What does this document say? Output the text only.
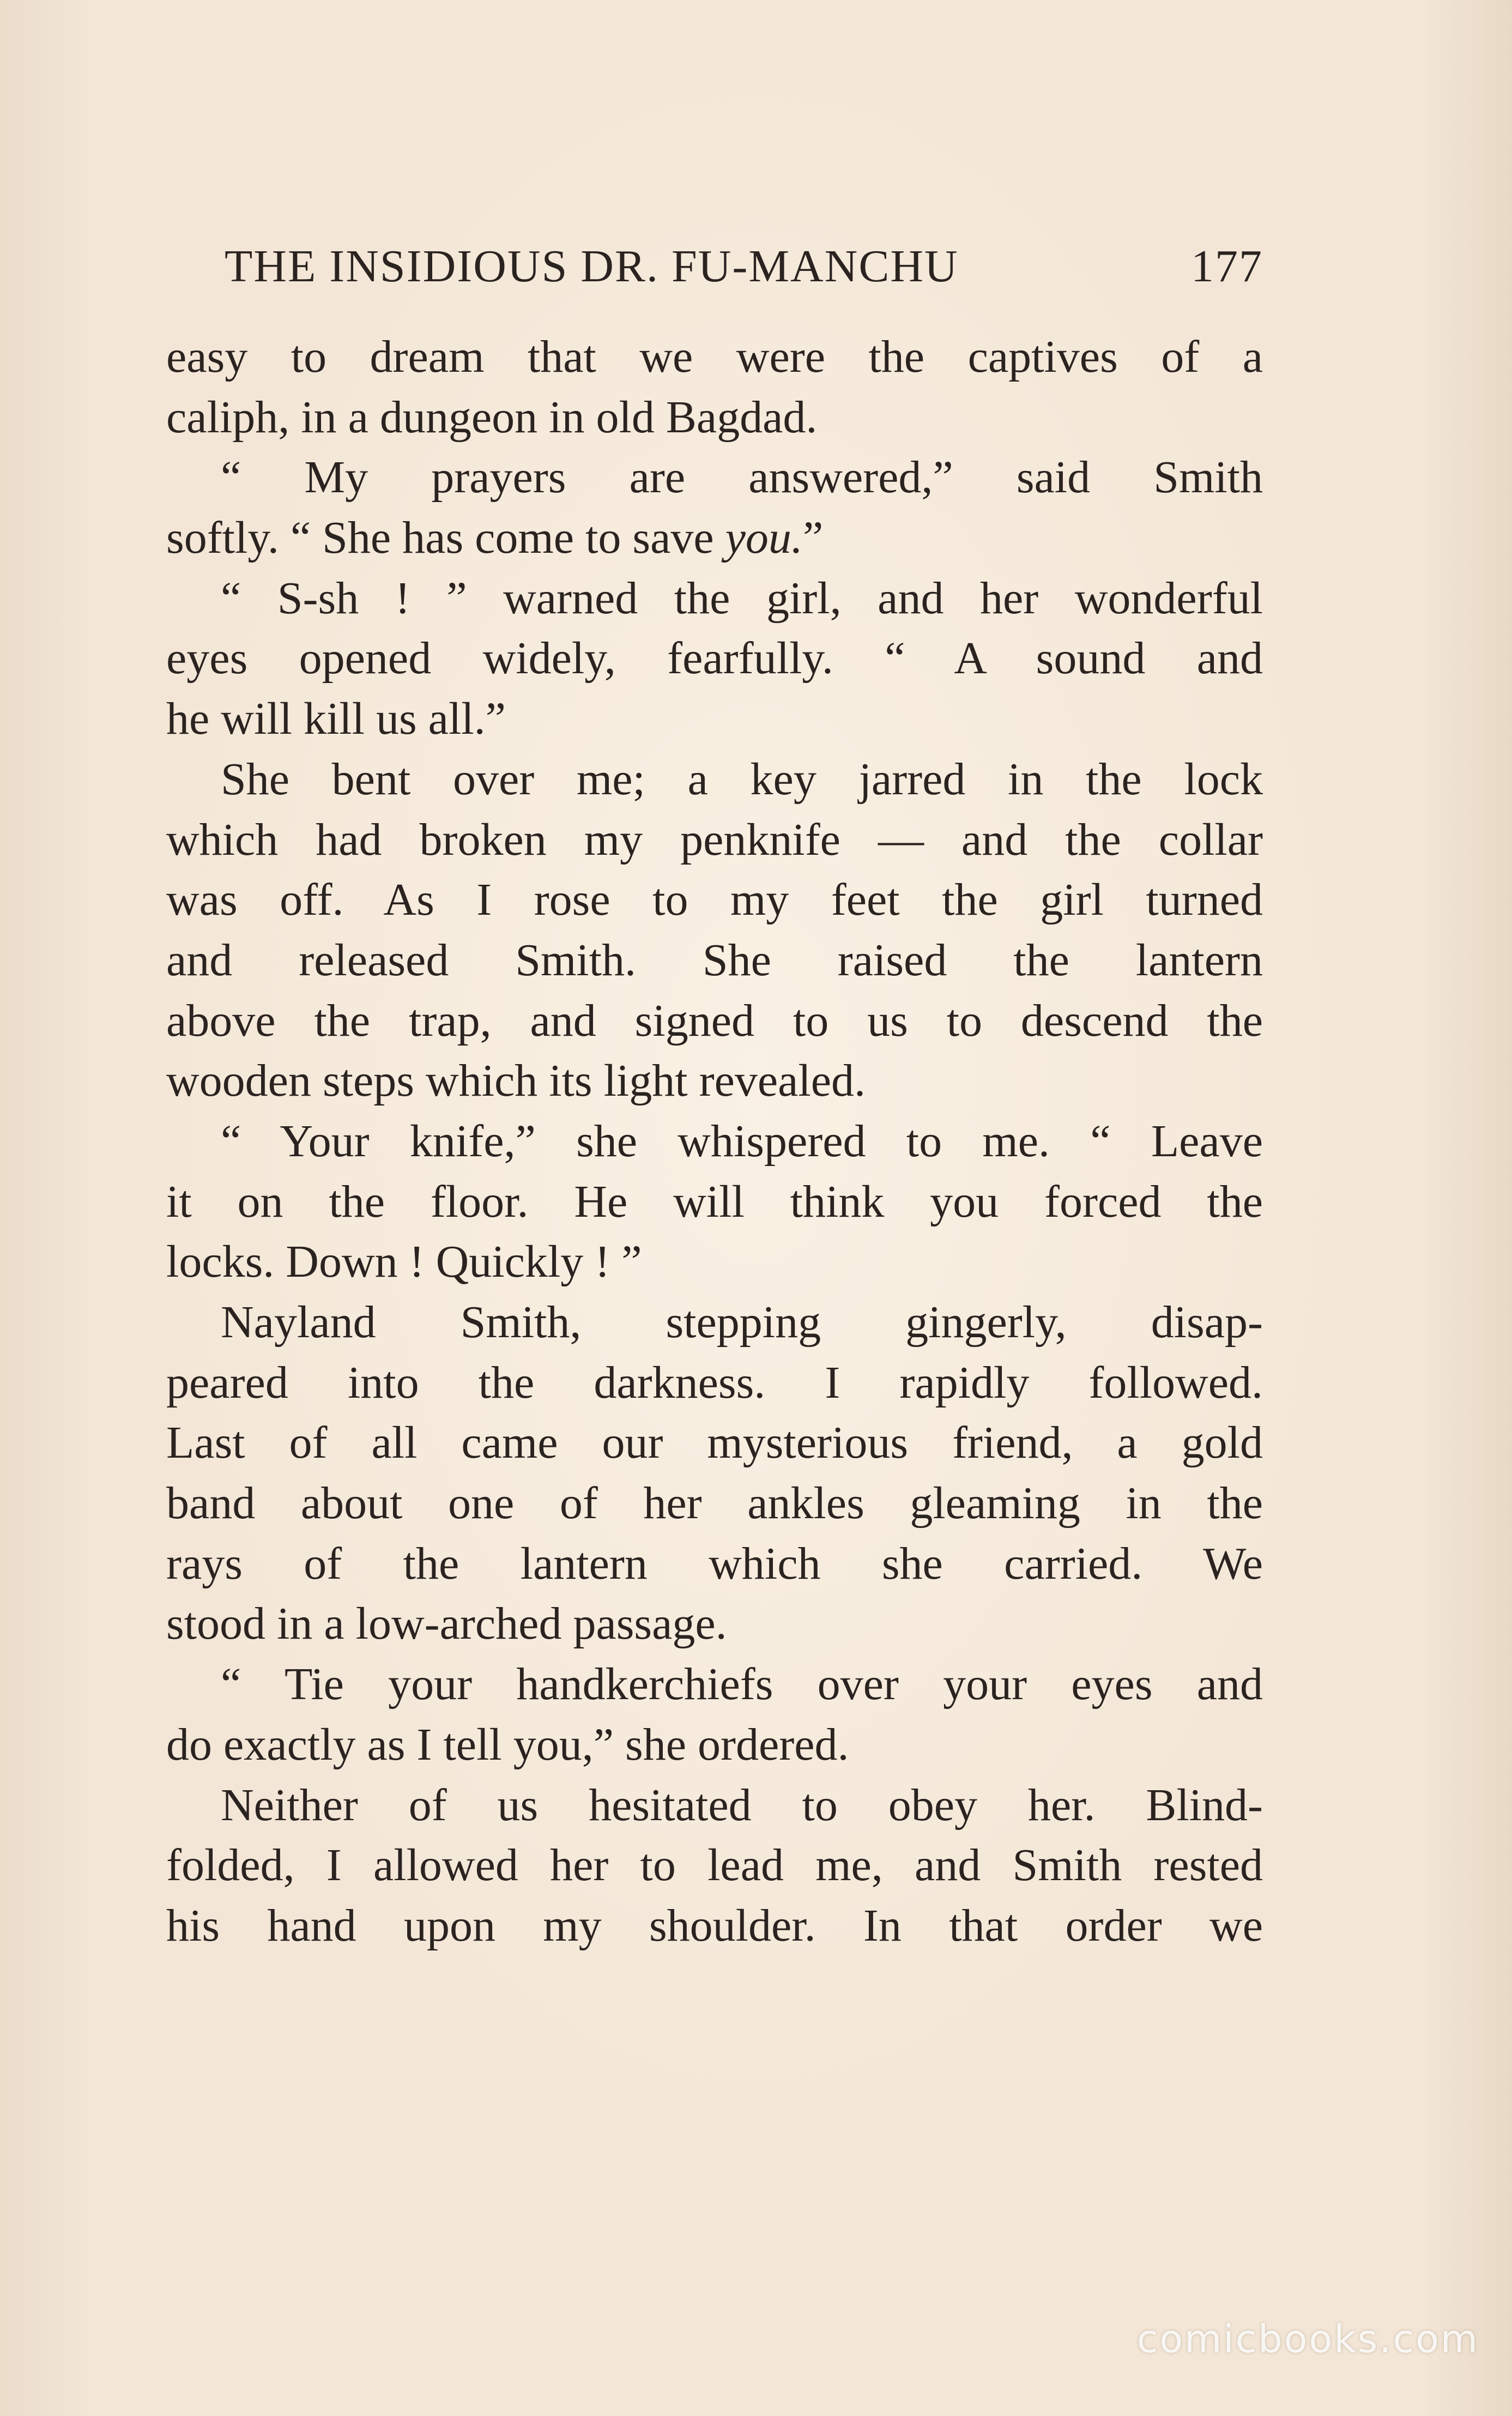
THE INSIDIOUS DR. FU-MANCHU	177
easy to dream that we were the captives of a
caliph, in a dungeon in old Bagdad.
“ My prayers are answered,” said Smith
softly. “ She has come to save you.”
“ S-sh ! ” warned the girl, and her wonderful
eyes opened widely, fearfully. “ A sound and
he will kill us all.”
She bent over me; a key jarred in the lock
which had broken my penknife — and the collar
was off. As I rose to my feet the girl turned
and released Smith. She raised the lantern
above the trap, and signed to us to descend the
wooden steps which its light revealed.
“ Your knife,” she whispered to me. “ Leave
it on the floor. He will think you forced the
locks. Down ! Quickly ! ”
Nayland Smith, stepping gingerly, disap-
peared into the darkness. I rapidly followed.
Last of all came our mysterious friend, a gold
band about one of her ankles gleaming in the
rays of the lantern which she carried. We
stood in a low-arched passage.
“ Tie your handkerchiefs over your eyes and
do exactly as I tell you,” she ordered.
Neither of us hesitated to obey her. Blind-
folded, I allowed her to lead me, and Smith rested
his hand upon my shoulder. In that order we
comicbooks.com
